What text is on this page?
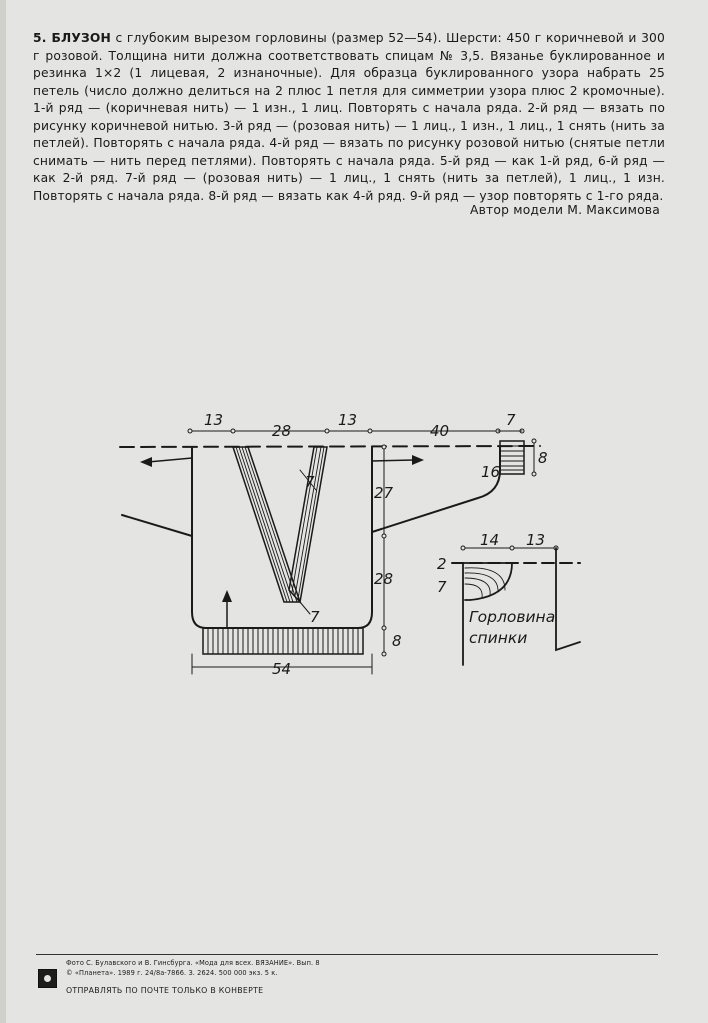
5. БЛУЗОН с глубоким вырезом горловины (размер 52—54). Шерсти: 450 г коричневой и 300 г розовой. Толщина нити должна соответствовать спицам № 3,5. Вязанье буклированное и резинка 1×2 (1 лицевая, 2 изнаночные). Для образца буклированного узора набрать 25 петель (число должно делиться на 2 плюс 1 петля для симметрии узора плюс 2 кромочные). 1-й ряд — (коричневая нить) — 1 изн., 1 лиц. Повторять с начала ряда. 2-й ряд — вязать по рисунку коричневой нитью. 3-й ряд — (розовая нить) — 1 лиц., 1 изн., 1 лиц., 1 снять (нить за петлей). Повторять с начала ряда. 4-й ряд — вязать по рисунку розовой нитью (снятые петли снимать — нить перед петлями). Повторять с начала ряда. 5-й ряд — как 1-й ряд, 6-й ряд — как 2-й ряд. 7-й ряд — (розовая нить) — 1 лиц., 1 снять (нить за петлей), 1 лиц., 1 изн. Повторять с начала ряда. 8-й ряд — вязать как 4-й ряд. 9-й ряд — узор повторять с 1-го ряда.

Автор модели М. Максимова
13
28
13
40
7
8
16
27
28
8
54
7
7
14 13
2
7
Горловина
спинки
Фото С. Булавского и В. Гинсбурга. «Мода для всех. ВЯЗАНИЕ». Вып. 8
© «Планета». 1989 г. 24/8а-7866. З. 2624. 500 000 экз. 5 к.
ОТПРАВЛЯТЬ ПО ПОЧТЕ ТОЛЬКО В КОНВЕРТЕ
